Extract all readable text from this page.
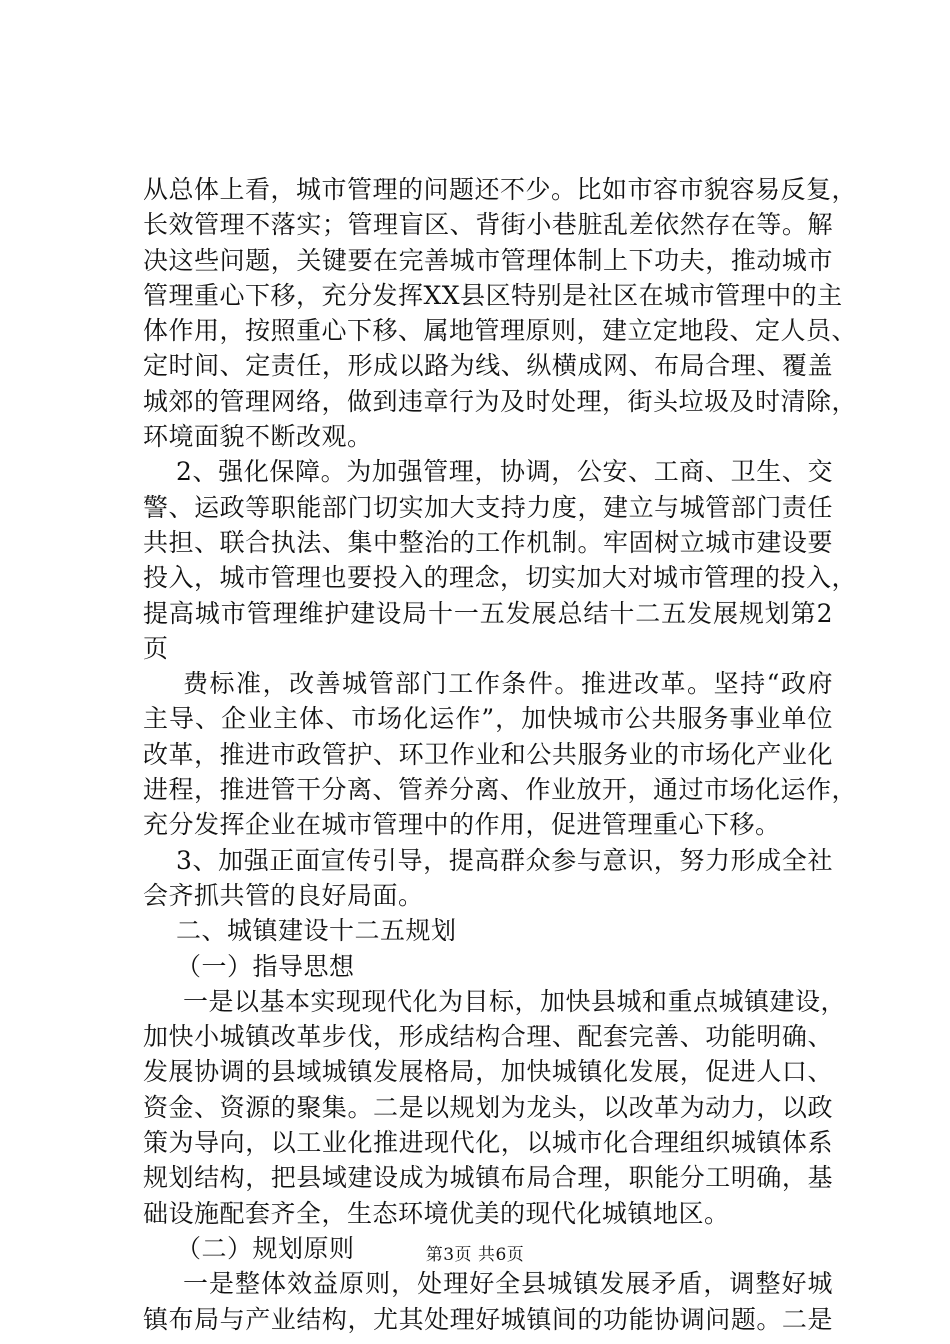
从总体上看，城市管理的问题还不少。比如市容市貌容易反复，
长效管理不落实；管理盲区、背街小巷脏乱差依然存在等。解
决这些问题，关键要在完善城市管理体制上下功夫，推动城市
管理重心下移，充分发挥XX县区特别是社区在城市管理中的主
体作用，按照重心下移、属地管理原则，建立定地段、定人员、
定时间、定责任，形成以路为线、纵横成网、布局合理、覆盖
城郊的管理网络，做到违章行为及时处理，街头垃圾及时清除，
环境面貌不断改观。
2、强化保障。为加强管理，协调，公安、工商、卫生、交
警、运政等职能部门切实加大支持力度，建立与城管部门责任
共担、联合执法、集中整治的工作机制。牢固树立城市建设要
投入，城市管理也要投入的理念，切实加大对城市管理的投入，
提高城市管理维护建设局十一五发展总结十二五发展规划第2
页
费标准，改善城管部门工作条件。推进改革。坚持“政府
主导、企业主体、市场化运作”，加快城市公共服务事业单位
改革，推进市政管护、环卫作业和公共服务业的市场化产业化
进程，推进管干分离、管养分离、作业放开，通过市场化运作，
充分发挥企业在城市管理中的作用，促进管理重心下移。
3、加强正面宣传引导，提高群众参与意识，努力形成全社
会齐抓共管的良好局面。
二、城镇建设十二五规划
（一）指导思想
一是以基本实现现代化为目标，加快县城和重点城镇建设，
加快小城镇改革步伐，形成结构合理、配套完善、功能明确、
发展协调的县域城镇发展格局，加快城镇化发展，促进人口、
资金、资源的聚集。二是以规划为龙头，以改革为动力，以政
策为导向，以工业化推进现代化，以城市化合理组织城镇体系
规划结构，把县域建设成为城镇布局合理，职能分工明确，基
础设施配套齐全，生态环境优美的现代化城镇地区。
（二）规划原则
一是整体效益原则，处理好全县城镇发展矛盾，调整好城
镇布局与产业结构，尤其处理好城镇间的功能协调问题。二是
第3页 共6页
